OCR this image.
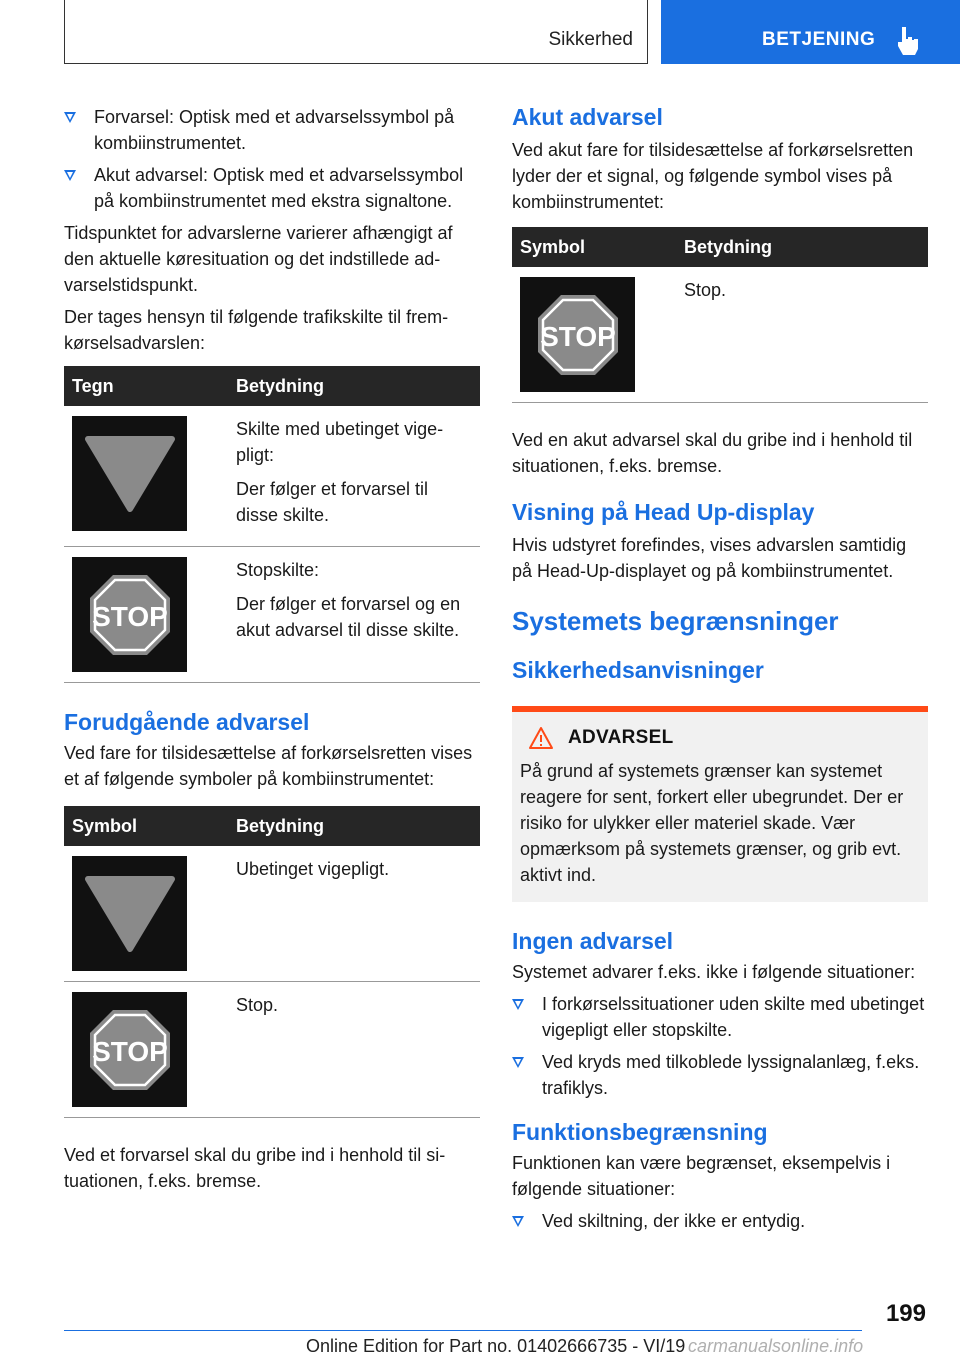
Sikkerhed	BETJENING
Forvarsel: Optisk med et advarselssymbol på kombiinstrumentet.
Akut advarsel: Optisk med et advarselssymbol på kombiinstrumentet med ekstra signaltone.

Tidspunktet for advarslerne varierer afhængigt af den aktuelle køresituation og det indstillede advarselstidspunkt.

Der tages hensyn til følgende trafikskilte til fremkørselsadvarslen:

Tegn	Betydning

Skilte med ubetinget vigepligt:

Der følger et forvarsel til disse skilte.

STOP	Stopskilte:

Der følger et forvarsel og en akut advarsel til disse skilte.

Forudgående advarsel

Ved fare for tilsidesættelse af forkørselsretten vises et af følgende symboler på kombiinstrumentet:

Symbol	Betydning

Ubetinget vigepligt.

STOP	Stop.

Ved et forvarsel skal du gribe ind i henhold til situationen, f.eks. bremse.

Akut advarsel

Ved akut fare for tilsidesættelse af forkørselsretten lyder der et signal, og følgende symbol vises på kombiinstrumentet:

Symbol	Betydning

STOP	Stop.

Ved en akut advarsel skal du gribe ind i henhold til situationen, f.eks. bremse.

Visning på Head Up-display

Hvis udstyret forefindes, vises advarslen samtidig på Head-Up-displayet og på kombiinstrumentet.

Systemets begrænsninger
Sikkerhedsanvisninger
ADVARSEL

På grund af systemets grænser kan systemet reagere for sent, forkert eller ubegrundet. Der er risiko for ulykker eller materiel skade. Vær opmærksom på systemets grænser, og grib evt. aktivt ind.

Ingen advarsel

Systemet advarer f.eks. ikke i følgende situationer:

I forkørselssituationer uden skilte med ubetinget vigepligt eller stopskilte.
Ved kryds med tilkoblede lyssignalanlæg, f.eks. trafiklys.
Funktionsbegrænsning

Funktionen kan være begrænset, eksempelvis i følgende situationer:

Ved skiltning, der ikke er entydig.
199
Online Edition for Part no. 01402666735 - VI/19 carmanualsonline.info
